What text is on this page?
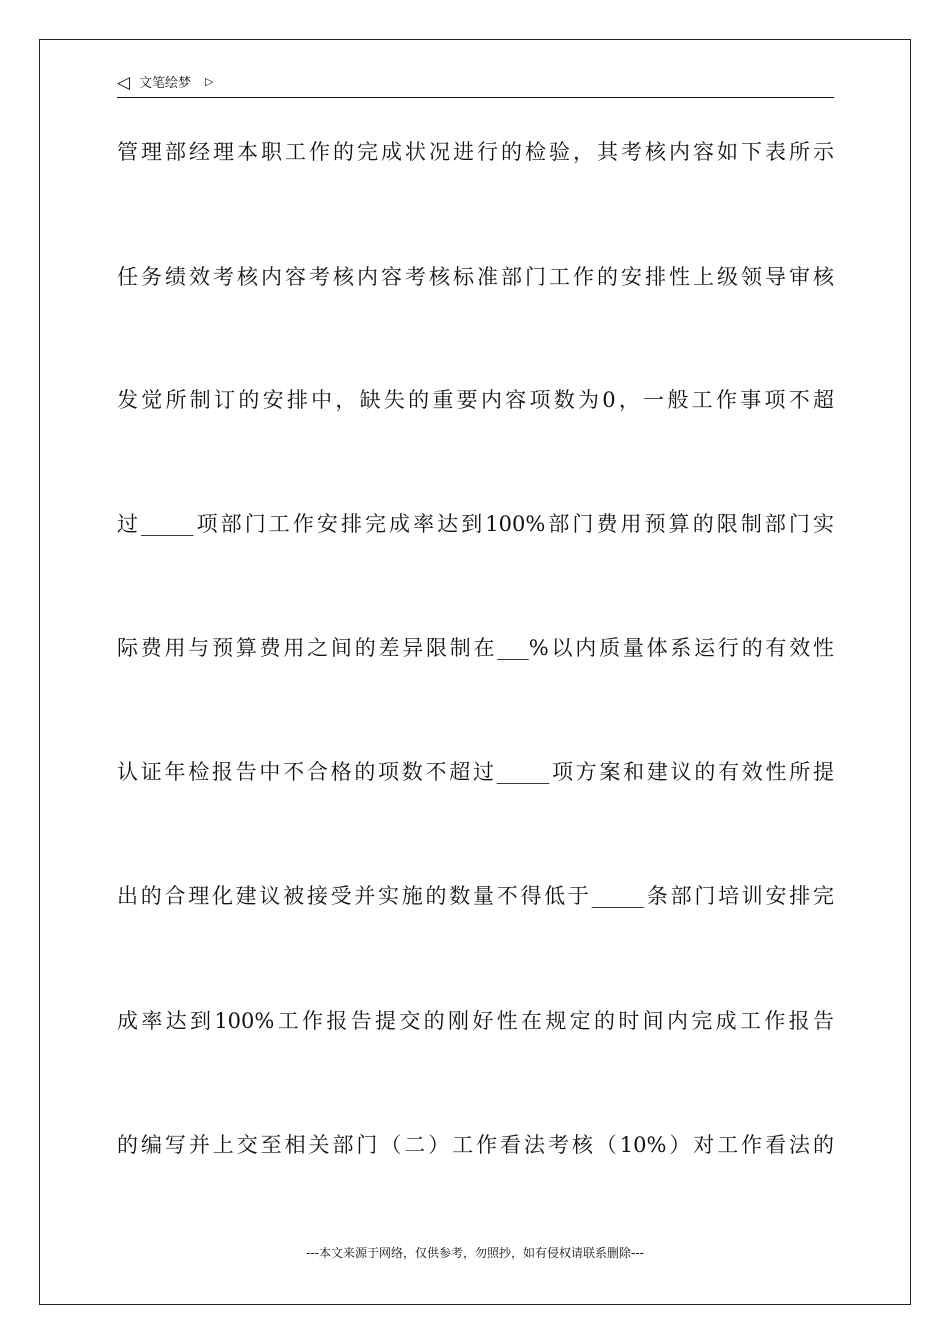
◁ 文笔绘梦 ▷
管理部经理本职工作的完成状况进行的检验，其考核内容如下表所示
任务绩效考核内容考核内容考核标准部门工作的安排性上级领导审核
发觉所制订的安排中，缺失的重要内容项数为0，一般工作事项不超
过_____项部门工作安排完成率达到100%部门费用预算的限制部门实
际费用与预算费用之间的差异限制在___%以内质量体系运行的有效性
认证年检报告中不合格的项数不超过_____项方案和建议的有效性所提
出的合理化建议被接受并实施的数量不得低于_____条部门培训安排完
成率达到100%工作报告提交的刚好性在规定的时间内完成工作报告
的编写并上交至相关部门（二）工作看法考核（10%）对工作看法的
---本文来源于网络，仅供参考，勿照抄，如有侵权请联系删除---
